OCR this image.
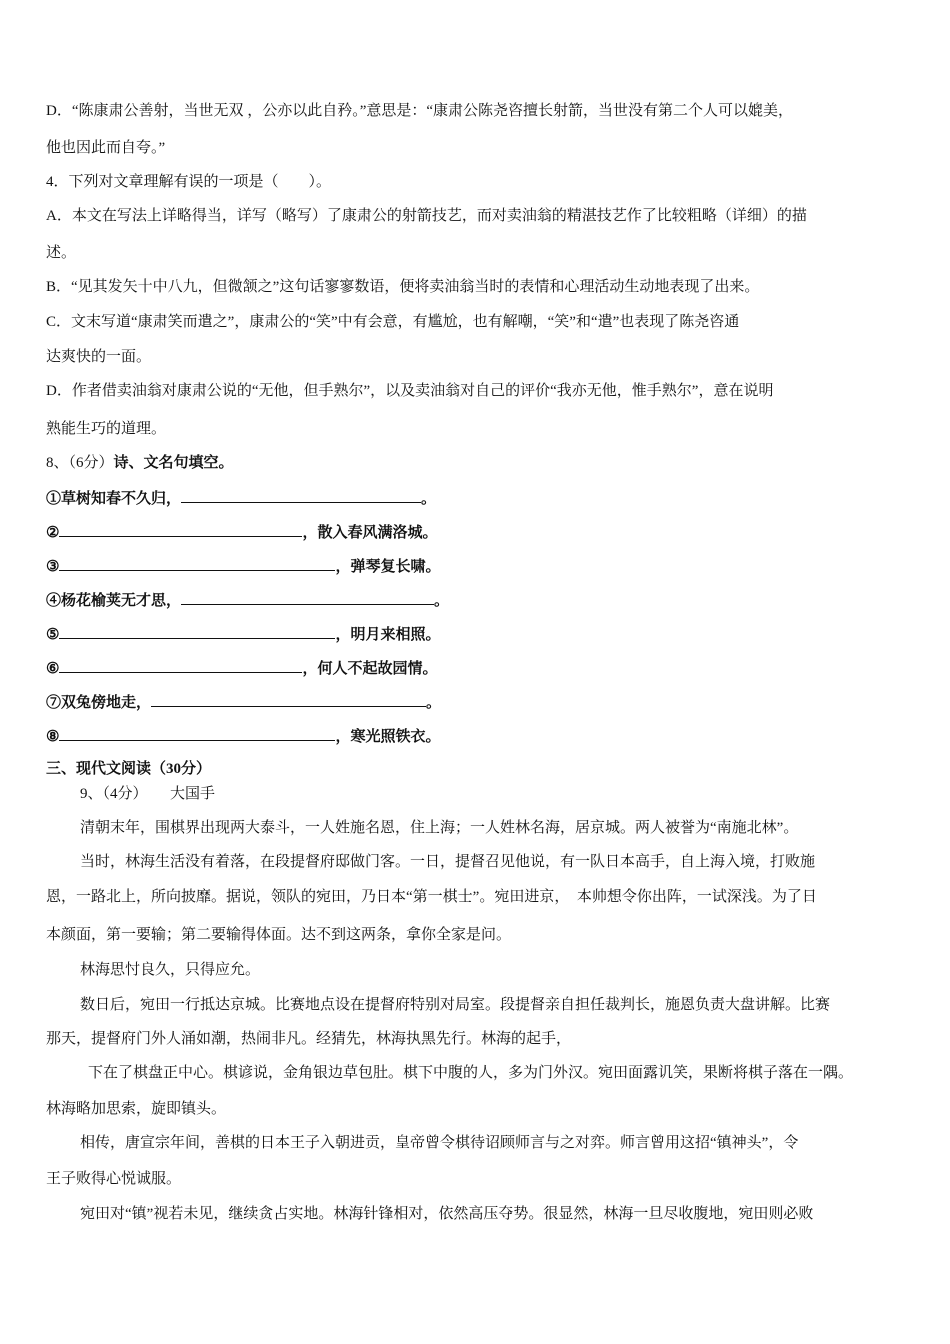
D．“陈康肃公善射，当世无双 ，公亦以此自矜。”意思是：“康肃公陈尧咨擅长射箭，当世没有第二个人可以媲美，
他也因此而自夸。”
4．下列对文章理解有误的一项是（　　）。
A．本文在写法上详略得当，详写（略写）了康肃公的射箭技艺，而对卖油翁的精湛技艺作了比较粗略（详细）的描
述。
B．“见其发矢十中八九，但微颔之”这句话寥寥数语，便将卖油翁当时的表情和心理活动生动地表现了出来。
C．文末写道“康肃笑而遣之”，康肃公的“笑”中有会意，有尴尬，也有解嘲，“笑”和“遣”也表现了陈尧咨通
达爽快的一面。
D．作者借卖油翁对康肃公说的“无他，但手熟尔”，以及卖油翁对自己的评价“我亦无他，惟手熟尔”，意在说明
熟能生巧的道理。
8、（6分）诗、文名句填空。
①草树知春不久归，	。
②	，散入春风满洛城。
③	，弹琴复长啸。
④杨花榆荚无才思，	。
⑤	，明月来相照。
⑥	，何人不起故园情。
⑦双兔傍地走，	。
⑧	，寒光照铁衣。
三、现代文阅读（30分）
9、（4分）　　大国手
清朝末年，围棋界出现两大泰斗，一人姓施名恩，住上海；一人姓林名海，居京城。两人被誉为“南施北林”。
当时，林海生活没有着落，在段提督府邸做门客。一日，提督召见他说，有一队日本高手，自上海入境，打败施
恩，一路北上，所向披靡。据说，领队的宛田，乃日本“第一棋士”。宛田进京，　本帅想令你出阵，一试深浅。为了日
本颜面，第一要输；第二要输得体面。达不到这两条，拿你全家是问。
林海思忖良久，只得应允。
数日后，宛田一行抵达京城。比赛地点设在提督府特别对局室。段提督亲自担任裁判长，施恩负责大盘讲解。比赛
那天，提督府门外人涌如潮，热闹非凡。经猜先，林海执黑先行。林海的起手，
下在了棋盘正中心。棋谚说，金角银边草包肚。棋下中腹的人，多为门外汉。宛田面露讥笑，果断将棋子落在一隅。
林海略加思索，旋即镇头。
相传，唐宣宗年间，善棋的日本王子入朝进贡，皇帝曾令棋待诏顾师言与之对弈。师言曾用这招“镇神头”，令
王子败得心悦诚服。
宛田对“镇”视若未见，继续贪占实地。林海针锋相对，依然高压夺势。很显然，林海一旦尽收腹地，宛田则必败
